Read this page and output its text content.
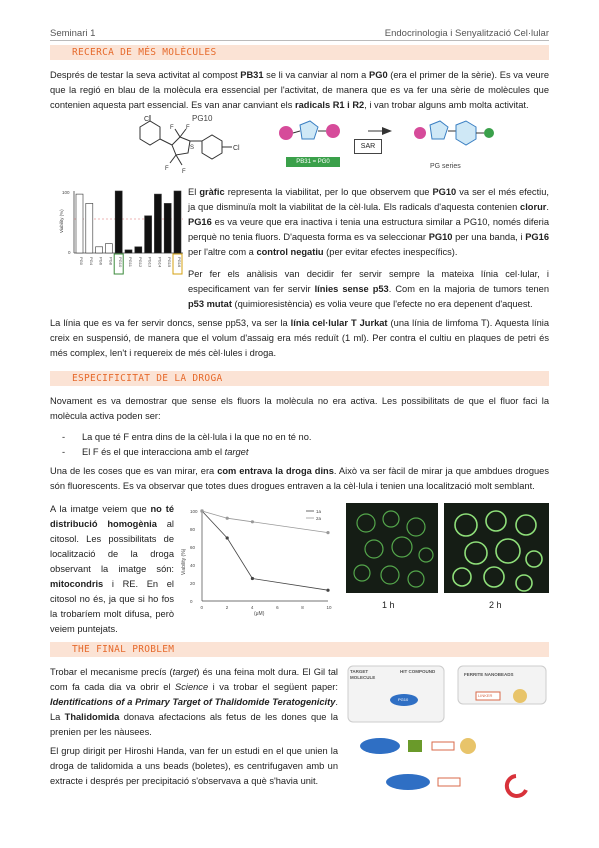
Seminari 1	Endocrinologia i Senyalització Cel·lular
RECERCA DE MÉS MOLÈCULES

Després de testar la seva activitat al compost PB31 se li va canviar al nom a PG0 (era el primer de la sèrie). Es va veure que la regió en blau de la molècula era essencial per l'activitat, de manera que es va fer una sèrie de molècules que contenien aquesta part essencial. Es van anar canviant els radicals R1 i R2, i van trobar alguns amb molta activitat.

Cl
Cl
S
F F
F F
PG10
PB31 = PG0
SAR
PG series
Viability (%)
100
0
PG0 PG4 PG6 PG8 PG10 PG11 PG12 PG13 PG14 PG15 PG16

El gràfic representa la viabilitat, per lo que observem que PG10 va ser el més efectiu, ja que disminuïa molt la viabilitat de la cèl·lula. Els radicals d'aquesta contenien clorur. PG16 es va veure que era inactiva i tenia una estructura similar a PG10, només diferia perquè no tenia fluors. D'aquesta forma es va seleccionar PG10 per una banda, i PG16 per l'altre com a control negatiu (per evitar efectes inespecífics).

Per fer els anàlisis van decidir fer servir sempre la mateixa línia cel·lular, i especificament van fer servir línies sense p53. Com en la majoria de tumors tenen p53 mutat (quimioresistència) es volia veure que l'efecte no era depenent d'aquest.

La línia que es va fer servir doncs, sense pp53, va ser la línia cel·lular T Jurkat (una línia de limfoma T). Aquesta línia creix en suspensió, de manera que el volum d'assaig era més reduït (1 ml). Per contra el cultiu en plaques de petri és més complex, len't i requereix de més cèl·lules i droga.

ESPECIFICITAT DE LA DROGA

Novament es va demostrar que sense els fluors la molècula no era activa. Les possibilitats de que el fluor faci la molècula activa poden ser:

- La que té F entra dins de la cèl·lula i la que no en té no.
- El F és el que interacciona amb el target

Una de les coses que es van mirar, era com entrava la droga dins. Això va ser fàcil de mirar ja que ambdues drogues són fluorescents. Es va observar que totes dues drogues entraven a la cèl·lula i tenien una localització molt semblant.

A la imatge veiem que no té distribució homogènia al citosol. Les possibilitats de localització de la droga observant la imatge són: mitocondris i RE. En el citosol no és, ja que si ho fos la trobaríem molt difusa, però veiem puntejats.

Viability (%)
(μM)
100
80
60
40
20
0
0	2	4	6	8	10
1a
2a
1 h	2 h
THE FINAL PROBLEM

Trobar el mecanisme precís (target) és una feina molt dura. El Gil tal com fa cada dia va obrir el Science i va trobar el següent paper: Identifications of a Primary Target of Thalidomide Teratogenicity. La Thalidomida donava afectacions als fetus de les dones que la prenien per les nàusees.

El grup dirigit per Hiroshi Handa, van fer un estudi en el que unien la droga de talidomida a uns beads (boletes), es centrifugaven amb un extracte i després per precipitació s'observava a què s'havia unit.

TARGET MOLECULE
HIT COMPOUND
FERRITE NANOBEADS
PG10
LINKER
